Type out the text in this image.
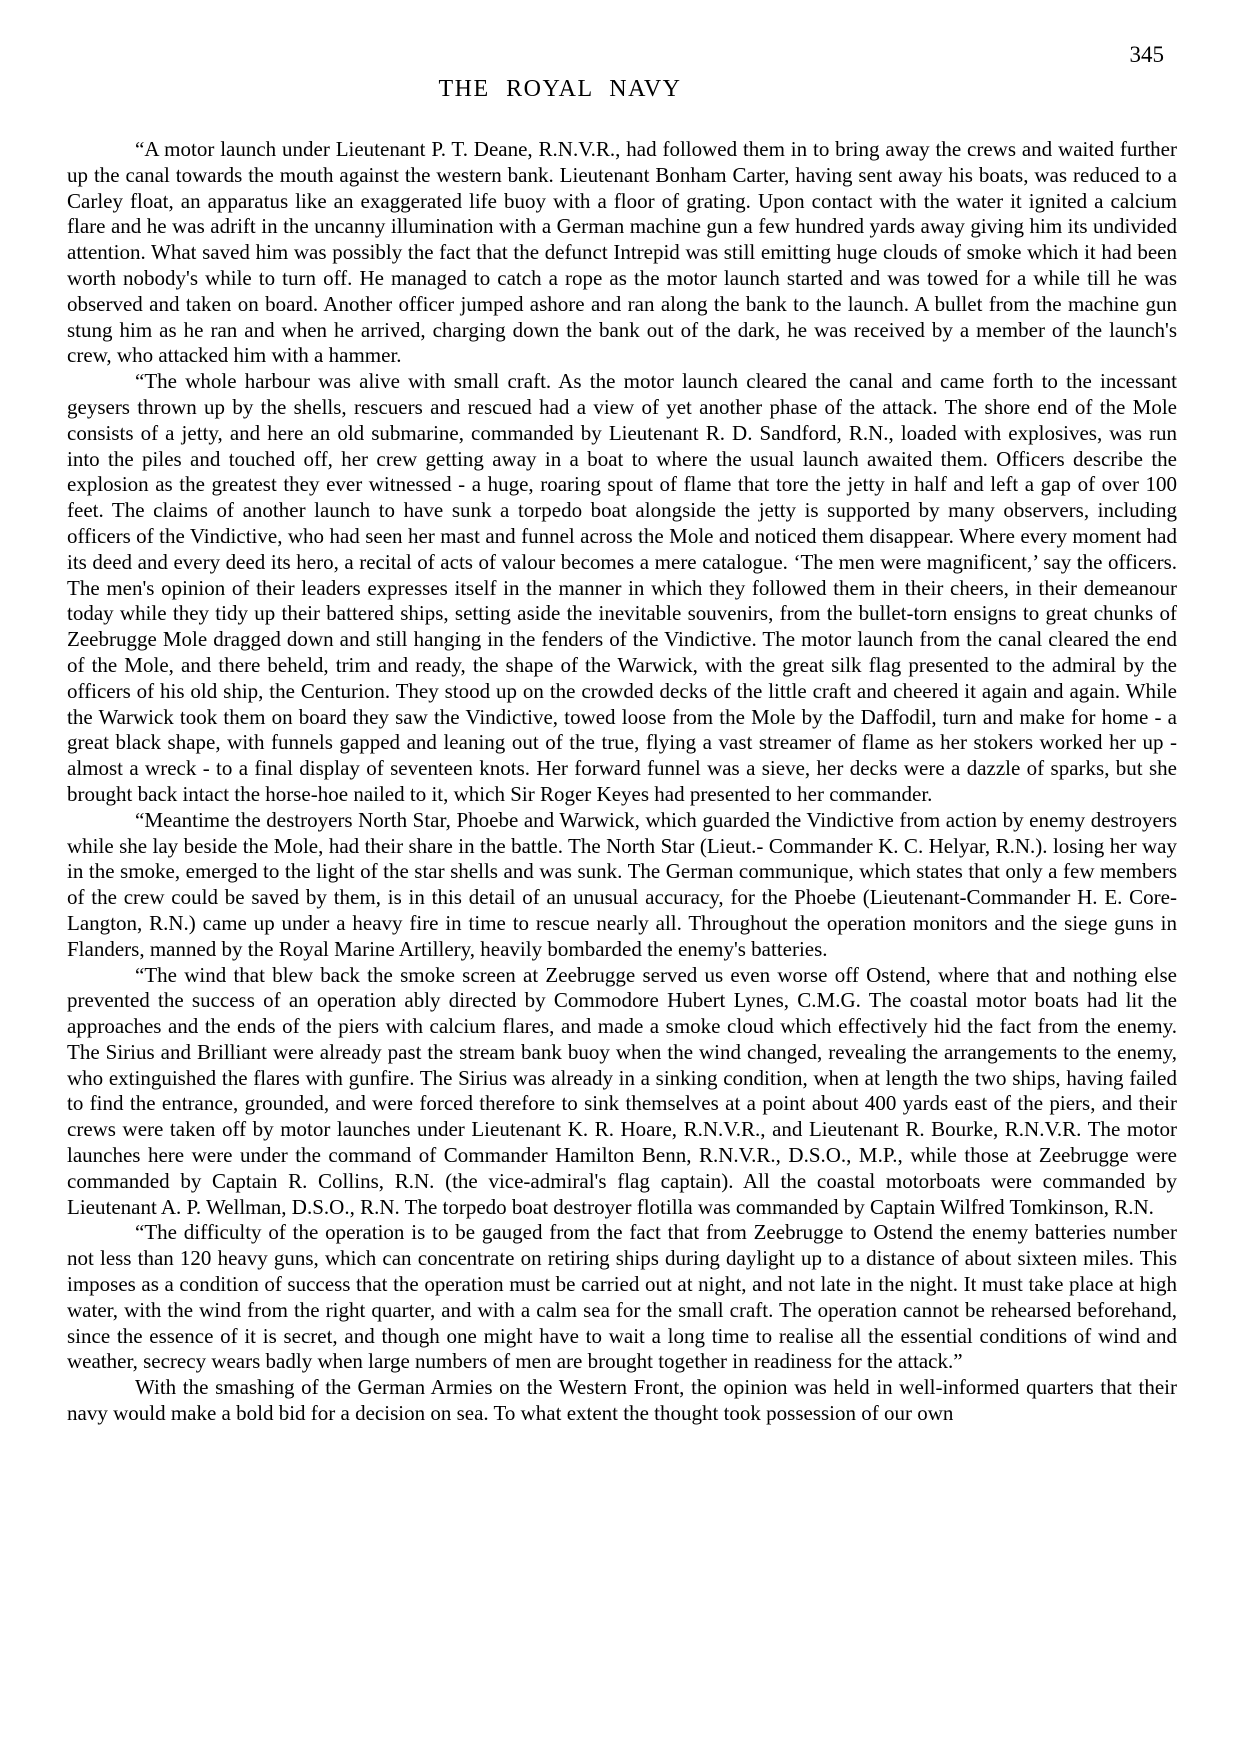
345
THE ROYAL NAVY

“A motor launch under Lieutenant P. T. Deane, R.N.V.R., had followed them in to bring away the crews and waited further up the canal towards the mouth against the western bank. Lieutenant Bonham Carter, having sent away his boats, was reduced to a Carley float, an apparatus like an exaggerated life buoy with a floor of grating. Upon contact with the water it ignited a calcium flare and he was adrift in the uncanny illumination with a German machine gun a few hundred yards away giving him its undivided attention. What saved him was possibly the fact that the defunct Intrepid was still emitting huge clouds of smoke which it had been worth nobody's while to turn off. He managed to catch a rope as the motor launch started and was towed for a while till he was observed and taken on board. Another officer jumped ashore and ran along the bank to the launch. A bullet from the machine gun stung him as he ran and when he arrived, charging down the bank out of the dark, he was received by a member of the launch's crew, who attacked him with a hammer.

“The whole harbour was alive with small craft. As the motor launch cleared the canal and came forth to the incessant geysers thrown up by the shells, rescuers and rescued had a view of yet another phase of the attack. The shore end of the Mole consists of a jetty, and here an old submarine, commanded by Lieutenant R. D. Sandford, R.N., loaded with explosives, was run into the piles and touched off, her crew getting away in a boat to where the usual launch awaited them. Officers describe the explosion as the greatest they ever witnessed - a huge, roaring spout of flame that tore the jetty in half and left a gap of over 100 feet. The claims of another launch to have sunk a torpedo boat alongside the jetty is supported by many observers, including officers of the Vindictive, who had seen her mast and funnel across the Mole and noticed them disappear. Where every moment had its deed and every deed its hero, a recital of acts of valour becomes a mere catalogue. ‘The men were magnificent,’ say the officers. The men's opinion of their leaders expresses itself in the manner in which they followed them in their cheers, in their demeanour today while they tidy up their battered ships, setting aside the inevitable souvenirs, from the bullet-torn ensigns to great chunks of Zeebrugge Mole dragged down and still hanging in the fenders of the Vindictive. The motor launch from the canal cleared the end of the Mole, and there beheld, trim and ready, the shape of the Warwick, with the great silk flag presented to the admiral by the officers of his old ship, the Centurion. They stood up on the crowded decks of the little craft and cheered it again and again. While the Warwick took them on board they saw the Vindictive, towed loose from the Mole by the Daffodil, turn and make for home - a great black shape, with funnels gapped and leaning out of the true, flying a vast streamer of flame as her stokers worked her up - almost a wreck - to a final display of seventeen knots. Her forward funnel was a sieve, her decks were a dazzle of sparks, but she brought back intact the horse-hoe nailed to it, which Sir Roger Keyes had presented to her commander.

“Meantime the destroyers North Star, Phoebe and Warwick, which guarded the Vindictive from action by enemy destroyers while she lay beside the Mole, had their share in the battle. The North Star (Lieut.- Commander K. C. Helyar, R.N.). losing her way in the smoke, emerged to the light of the star shells and was sunk. The German communique, which states that only a few members of the crew could be saved by them, is in this detail of an unusual accuracy, for the Phoebe (Lieutenant-Commander H. E. Core-Langton, R.N.) came up under a heavy fire in time to rescue nearly all. Throughout the operation monitors and the siege guns in Flanders, manned by the Royal Marine Artillery, heavily bombarded the enemy's batteries.

“The wind that blew back the smoke screen at Zeebrugge served us even worse off Ostend, where that and nothing else prevented the success of an operation ably directed by Commodore Hubert Lynes, C.M.G. The coastal motor boats had lit the approaches and the ends of the piers with calcium flares, and made a smoke cloud which effectively hid the fact from the enemy. The Sirius and Brilliant were already past the stream bank buoy when the wind changed, revealing the arrangements to the enemy, who extinguished the flares with gunfire. The Sirius was already in a sinking condition, when at length the two ships, having failed to find the entrance, grounded, and were forced therefore to sink themselves at a point about 400 yards east of the piers, and their crews were taken off by motor launches under Lieutenant K. R. Hoare, R.N.V.R., and Lieutenant R. Bourke, R.N.V.R. The motor launches here were under the command of Commander Hamilton Benn, R.N.V.R., D.S.O., M.P., while those at Zeebrugge were commanded by Captain R. Collins, R.N. (the vice-admiral's flag captain). All the coastal motorboats were commanded by Lieutenant A. P. Wellman, D.S.O., R.N. The torpedo boat destroyer flotilla was commanded by Captain Wilfred Tomkinson, R.N.

“The difficulty of the operation is to be gauged from the fact that from Zeebrugge to Ostend the enemy batteries number not less than 120 heavy guns, which can concentrate on retiring ships during daylight up to a distance of about sixteen miles. This imposes as a condition of success that the operation must be carried out at night, and not late in the night. It must take place at high water, with the wind from the right quarter, and with a calm sea for the small craft. The operation cannot be rehearsed beforehand, since the essence of it is secret, and though one might have to wait a long time to realise all the essential conditions of wind and weather, secrecy wears badly when large numbers of men are brought together in readiness for the attack.”

With the smashing of the German Armies on the Western Front, the opinion was held in well-informed quarters that their navy would make a bold bid for a decision on sea. To what extent the thought took possession of our own
